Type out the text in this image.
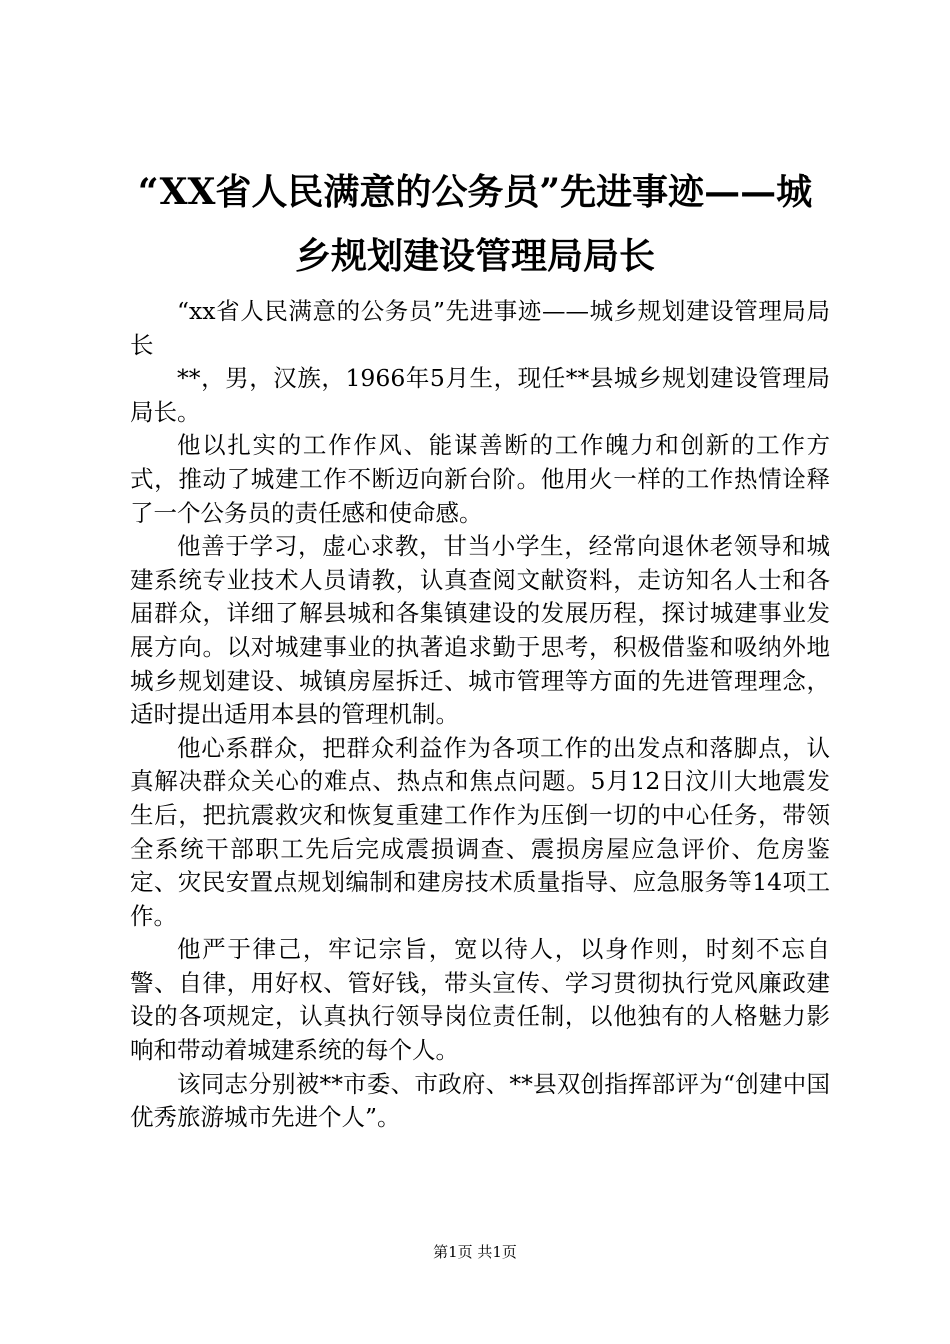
“XX省人民满意的公务员”先进事迹——城
乡规划建设管理局局长

“xx省人民满意的公务员”先进事迹——城乡规划建设管理局局长

**，男，汉族，1966年5月生，现任**县城乡规划建设管理局局长。

他以扎实的工作作风、能谋善断的工作魄力和创新的工作方式，推动了城建工作不断迈向新台阶。他用火一样的工作热情诠释了一个公务员的责任感和使命感。

他善于学习，虚心求教，甘当小学生，经常向退休老领导和城建系统专业技术人员请教，认真查阅文献资料，走访知名人士和各届群众，详细了解县城和各集镇建设的发展历程，探讨城建事业发展方向。以对城建事业的执著追求勤于思考，积极借鉴和吸纳外地城乡规划建设、城镇房屋拆迁、城市管理等方面的先进管理理念，适时提出适用本县的管理机制。

他心系群众，把群众利益作为各项工作的出发点和落脚点，认真解决群众关心的难点、热点和焦点问题。5月12日汶川大地震发生后，把抗震救灾和恢复重建工作作为压倒一切的中心任务，带领全系统干部职工先后完成震损调查、震损房屋应急评价、危房鉴定、灾民安置点规划编制和建房技术质量指导、应急服务等14项工作。

他严于律己，牢记宗旨，宽以待人，以身作则，时刻不忘自警、自律，用好权、管好钱，带头宣传、学习贯彻执行党风廉政建设的各项规定，认真执行领导岗位责任制，以他独有的人格魅力影响和带动着城建系统的每个人。

该同志分别被**市委、市政府、**县双创指挥部评为“创建中国优秀旅游城市先进个人”。

第1页 共1页
